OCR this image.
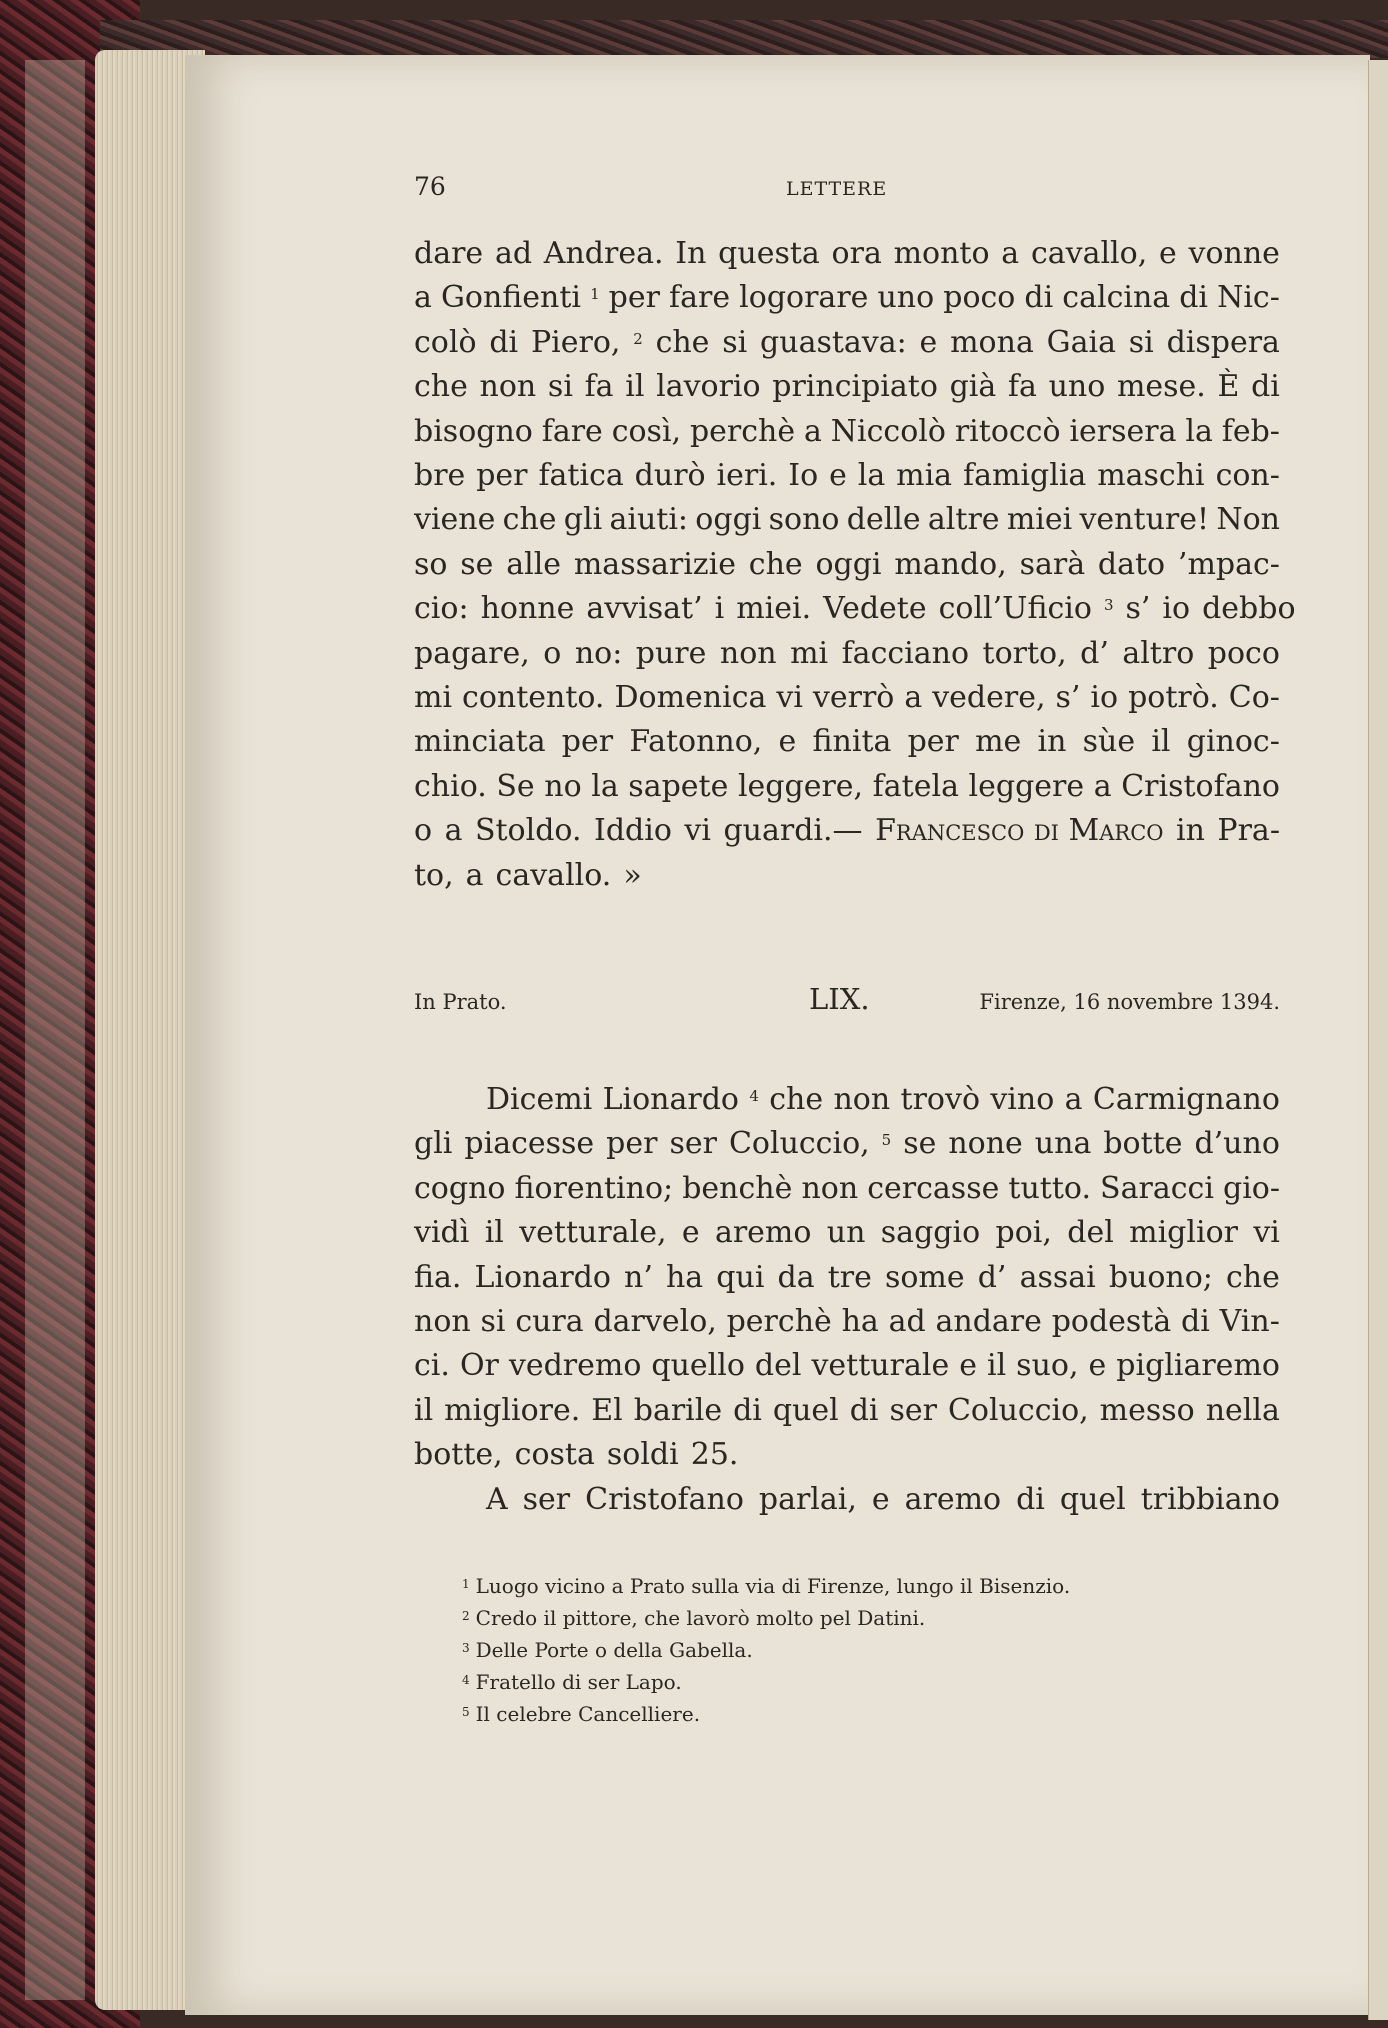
76	LETTERE
dare ad Andrea. In questa ora monto a cavallo, e vonne
a Gonfienti $^1$ per fare logorare uno poco di calcina di Nic-
colò di Piero, $^2$ che si guastava: e mona Gaia si dispera
che non si fa il lavorio principiato già fa uno mese. È di
bisogno fare così, perchè a Niccolò ritoccò iersera la feb-
bre per fatica durò ieri. Io e la mia famiglia maschi con-
viene che gli aiuti: oggi sono delle altre miei venture! Non
so se alle massarizie che oggi mando, sarà dato ’mpac-
cio: honne avvisat’ i miei. Vedete coll’Uficio $^3$ s’ io debbo
pagare, o no: pure non mi facciano torto, d’ altro poco
mi contento. Domenica vi verrò a vedere, s’ io potrò. Co-
minciata per Fatonno, e finita per me in sùe il ginoc-
chio. Se no la sapete leggere, fatela leggere a Cristofano
o a Stoldo. Iddio vi guardi.— Francesco di Marco in Pra-
to, a cavallo. »
In Prato.	LIX.	Firenze, 16 novembre 1394.
Dicemi Lionardo $^4$ che non trovò vino a Carmignano
gli piacesse per ser Coluccio, $^5$ se none una botte d’uno
cogno fiorentino; benchè non cercasse tutto. Saracci gio-
vidì il vetturale, e aremo un saggio poi, del miglior vi
fia. Lionardo n’ ha qui da tre some d’ assai buono; che
non si cura darvelo, perchè ha ad andare podestà di Vin-
ci. Or vedremo quello del vetturale e il suo, e pigliaremo
il migliore. El barile di quel di ser Coluccio, messo nella
botte, costa soldi 25.
A ser Cristofano parlai, e aremo di quel tribbiano
$^1$ Luogo vicino a Prato sulla via di Firenze, lungo il Bisenzio.
$^2$ Credo il pittore, che lavorò molto pel Datini.
$^3$ Delle Porte o della Gabella.
$^4$ Fratello di ser Lapo.
$^5$ Il celebre Cancelliere.
